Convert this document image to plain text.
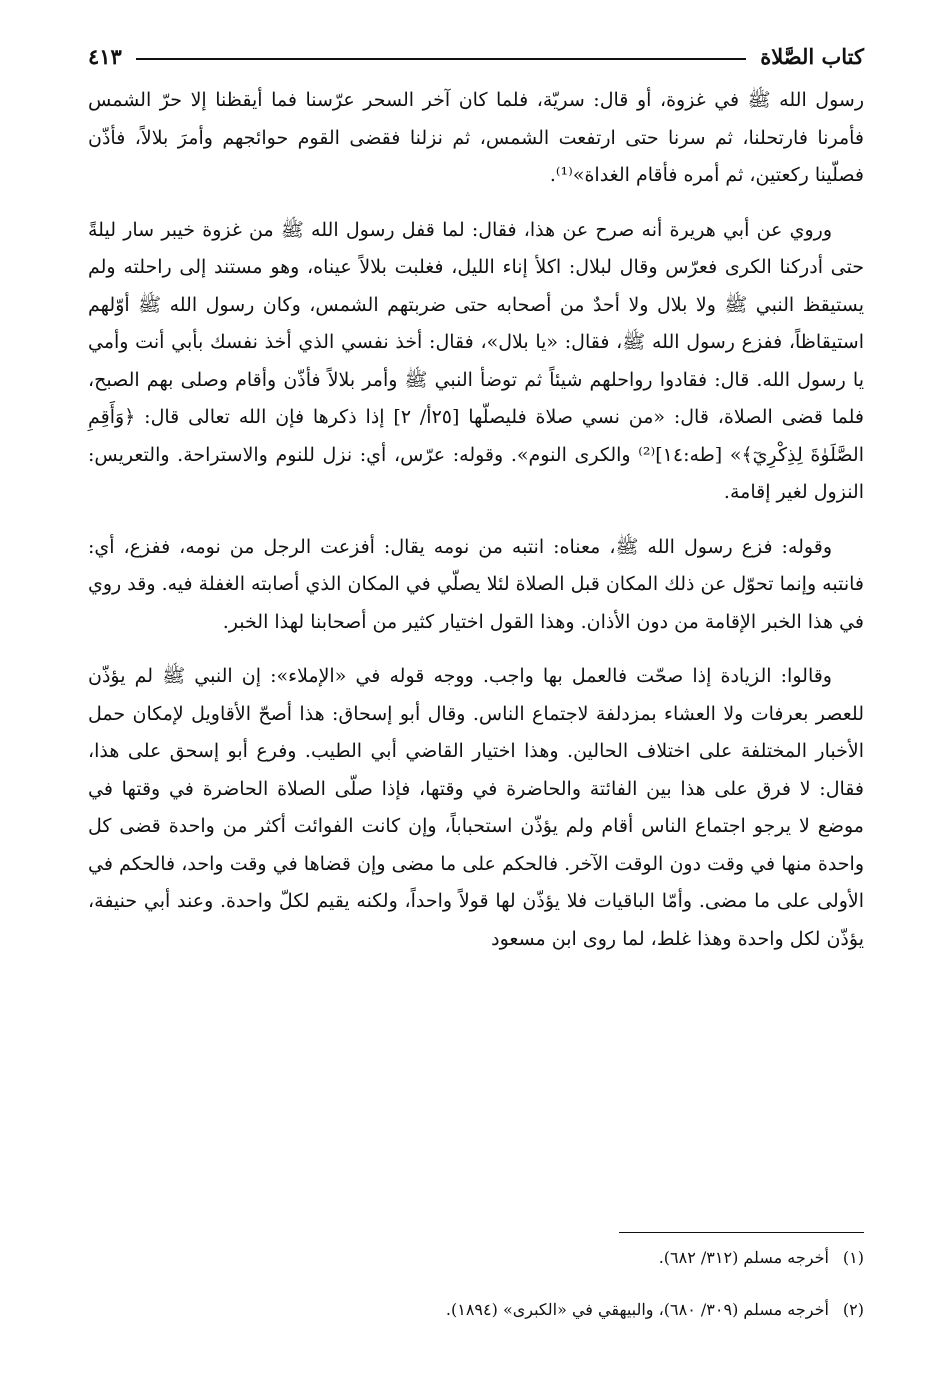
كتاب الصَّلاة
٤١٣

رسول الله ﷺ في غزوة، أو قال: سريّة، فلما كان آخر السحر عرّسنا فما أيقظنا إلا حرّ الشمس فأمرنا فارتحلنا، ثم سرنا حتى ارتفعت الشمس، ثم نزلنا فقضى القوم حوائجهم وأمرَ بلالاً، فأذّن فصلّينا ركعتين، ثم أمره فأقام الغداة»⁽¹⁾.

وروي عن أبي هريرة أنه صرح عن هذا، فقال: لما قفل رسول الله ﷺ من غزوة خيبر سار ليلةً حتى أدركنا الكرى فعرّس وقال لبلال: اكلأ إناء الليل، فغلبت بلالاً عيناه، وهو مستند إلى راحلته ولم يستيقظ النبي ﷺ ولا بلال ولا أحدٌ من أصحابه حتى ضربتهم الشمس، وكان رسول الله ﷺ أوّلهم استيقاظاً، ففزع رسول الله ﷺ، فقال: «يا بلال»، فقال: أخذ نفسي الذي أخذ نفسك بأبي أنت وأمي يا رسول الله. قال: فقادوا رواحلهم شيئاً ثم توضأ النبي ﷺ وأمر بلالاً فأذّن وأقام وصلى بهم الصبح، فلما قضى الصلاة، قال: «من نسي صلاة فليصلّها [٢٥أ/ ٢] إذا ذكرها فإن الله تعالى قال: ﴿وَأَقِمِ الصَّلَوٰةَ لِذِكْرِيٓ﴾» [طه:١٤]⁽²⁾ والكرى النوم». وقوله: عرّس، أي: نزل للنوم والاستراحة. والتعريس: النزول لغير إقامة.

وقوله: فزع رسول الله ﷺ، معناه: انتبه من نومه يقال: أفزعت الرجل من نومه، ففزع، أي: فانتبه وإنما تحوّل عن ذلك المكان قبل الصلاة لئلا يصلّي في المكان الذي أصابته الغفلة فيه. وقد روي في هذا الخبر الإقامة من دون الأذان. وهذا القول اختيار كثير من أصحابنا لهذا الخبر.

وقالوا: الزيادة إذا صحّت فالعمل بها واجب. ووجه قوله في «الإملاء»: إن النبي ﷺ لم يؤذّن للعصر بعرفات ولا العشاء بمزدلفة لاجتماع الناس. وقال أبو إسحاق: هذا أصحّ الأقاويل لإمكان حمل الأخبار المختلفة على اختلاف الحالين. وهذا اختيار القاضي أبي الطيب. وفرع أبو إسحق على هذا، فقال: لا فرق على هذا بين الفائتة والحاضرة في وقتها، فإذا صلّى الصلاة الحاضرة في وقتها في موضع لا يرجو اجتماع الناس أقام ولم يؤذّن استحباباً، وإن كانت الفوائت أكثر من واحدة قضى كل واحدة منها في وقت دون الوقت الآخر. فالحكم على ما مضى وإن قضاها في وقت واحد، فالحكم في الأولى على ما مضى. وأمّا الباقيات فلا يؤذّن لها قولاً واحداً، ولكنه يقيم لكلّ واحدة. وعند أبي حنيفة، يؤذّن لكل واحدة وهذا غلط، لما روى ابن مسعود

(١)أخرجه مسلم (٣١٢/ ٦٨٢).
(٢)أخرجه مسلم (٣٠٩/ ٦٨٠)، والبيهقي في «الكبرى» (١٨٩٤).
